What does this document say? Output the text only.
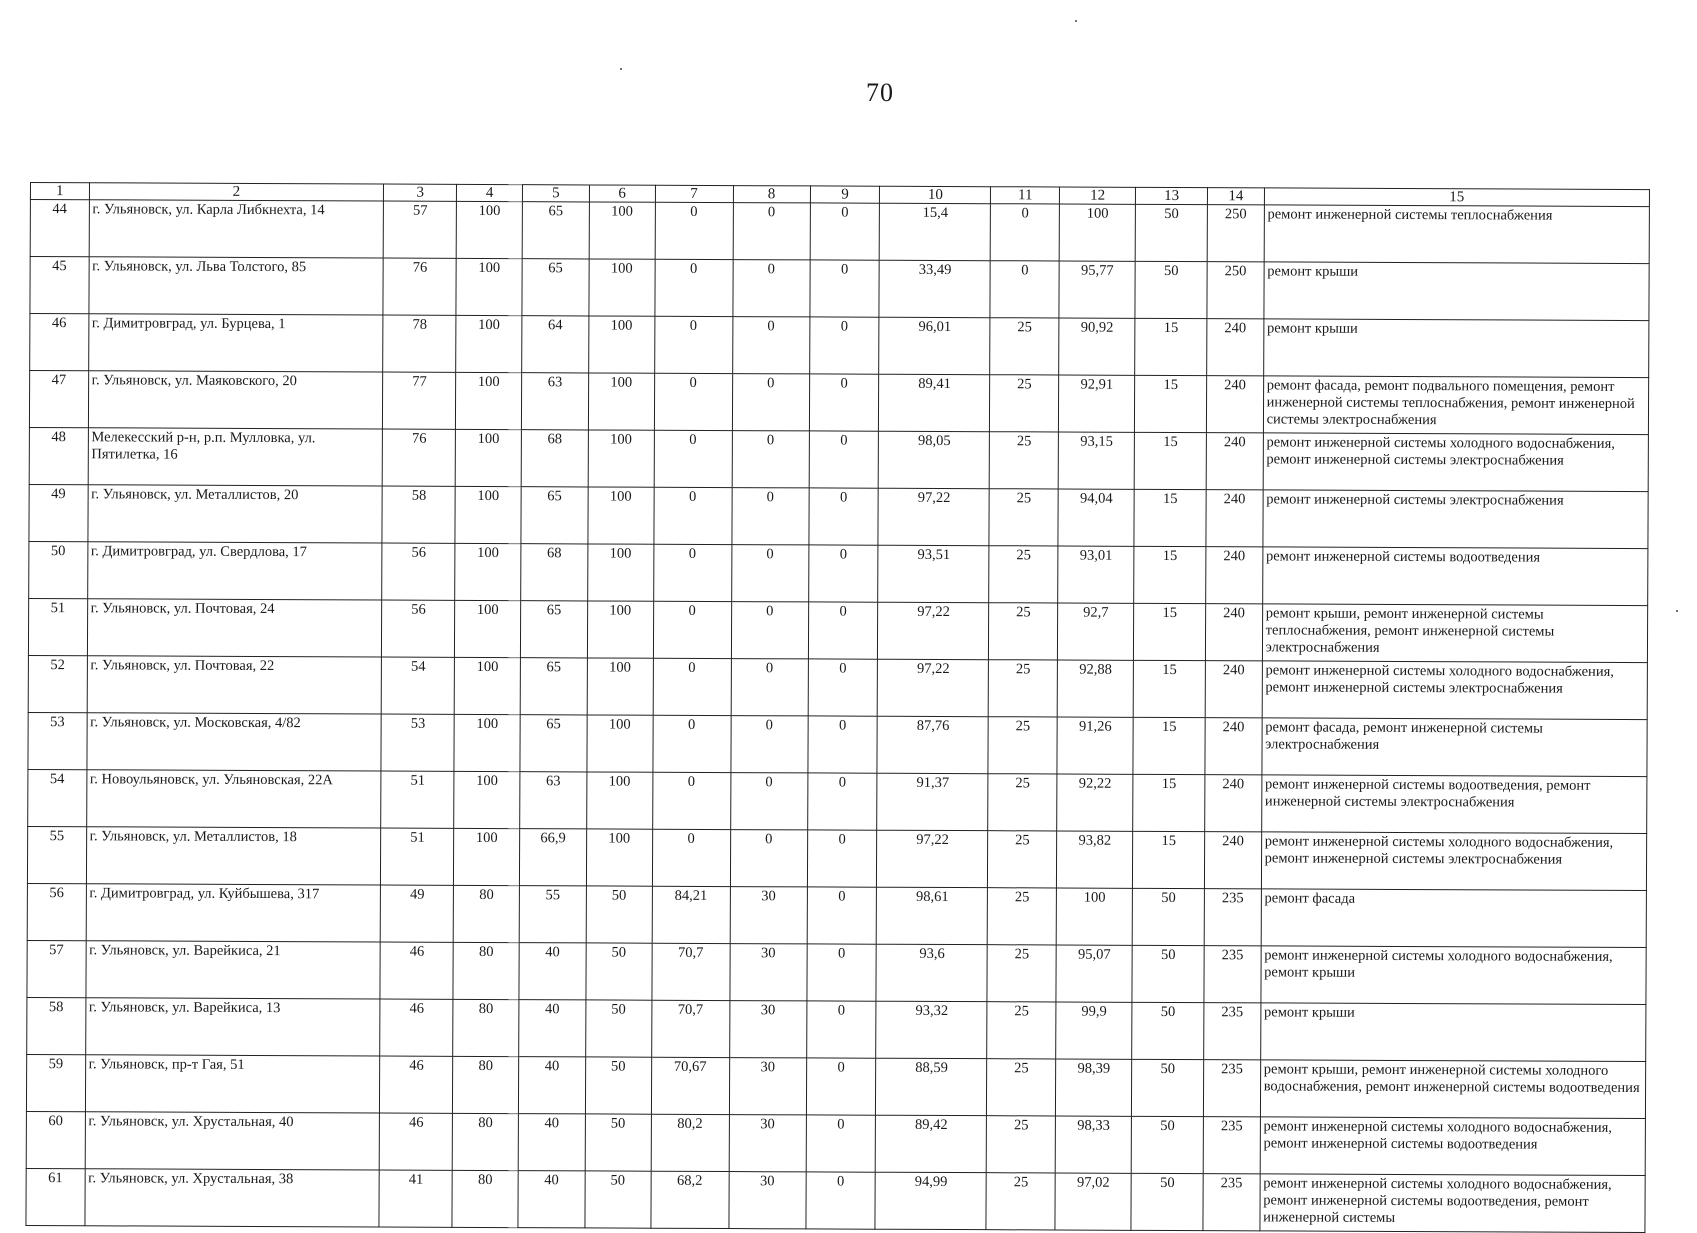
70
1	2	3	4	5	6	7	8	9	10	11	12	13	14	15
44	г. Ульяновск, ул. Карла Либкнехта, 14	57	100	65	100	0	0	0	15,4	0	100	50	250	ремонт инженерной системы теплоснабжения
45	г. Ульяновск, ул. Льва Толстого, 85	76	100	65	100	0	0	0	33,49	0	95,77	50	250	ремонт крыши
46	г. Димитровград, ул. Бурцева, 1	78	100	64	100	0	0	0	96,01	25	90,92	15	240	ремонт крыши
47	г. Ульяновск, ул. Маяковского, 20	77	100	63	100	0	0	0	89,41	25	92,91	15	240	ремонт фасада, ремонт подвального помещения, ремонт инженерной системы теплоснабжения, ремонт инженерной системы электроснабжения
48	Мелекесский р-н, р.п. Мулловка, ул. Пятилетка, 16	76	100	68	100	0	0	0	98,05	25	93,15	15	240	ремонт инженерной системы холодного водоснабжения, ремонт инженерной системы электроснабжения
49	г. Ульяновск, ул. Металлистов, 20	58	100	65	100	0	0	0	97,22	25	94,04	15	240	ремонт инженерной системы электроснабжения
50	г. Димитровград, ул. Свердлова, 17	56	100	68	100	0	0	0	93,51	25	93,01	15	240	ремонт инженерной системы водоотведения
51	г. Ульяновск, ул. Почтовая, 24	56	100	65	100	0	0	0	97,22	25	92,7	15	240	ремонт крыши, ремонт инженерной системы теплоснабжения, ремонт инженерной системы электроснабжения
52	г. Ульяновск, ул. Почтовая, 22	54	100	65	100	0	0	0	97,22	25	92,88	15	240	ремонт инженерной системы холодного водоснабжения, ремонт инженерной системы электроснабжения
53	г. Ульяновск, ул. Московская, 4/82	53	100	65	100	0	0	0	87,76	25	91,26	15	240	ремонт фасада, ремонт инженерной системы электроснабжения
54	г. Новоульяновск, ул. Ульяновская, 22А	51	100	63	100	0	0	0	91,37	25	92,22	15	240	ремонт инженерной системы водоотведения, ремонт инженерной системы электроснабжения
55	г. Ульяновск, ул. Металлистов, 18	51	100	66,9	100	0	0	0	97,22	25	93,82	15	240	ремонт инженерной системы холодного водоснабжения, ремонт инженерной системы электроснабжения
56	г. Димитровград, ул. Куйбышева, 317	49	80	55	50	84,21	30	0	98,61	25	100	50	235	ремонт фасада
57	г. Ульяновск, ул. Варейкиса, 21	46	80	40	50	70,7	30	0	93,6	25	95,07	50	235	ремонт инженерной системы холодного водоснабжения, ремонт крыши
58	г. Ульяновск, ул. Варейкиса, 13	46	80	40	50	70,7	30	0	93,32	25	99,9	50	235	ремонт крыши
59	г. Ульяновск, пр-т Гая, 51	46	80	40	50	70,67	30	0	88,59	25	98,39	50	235	ремонт крыши, ремонт инженерной системы холодного водоснабжения, ремонт инженерной системы водоотведения
60	г. Ульяновск, ул. Хрустальная, 40	46	80	40	50	80,2	30	0	89,42	25	98,33	50	235	ремонт инженерной системы холодного водоснабжения, ремонт инженерной системы водоотведения
61	г. Ульяновск, ул. Хрустальная, 38	41	80	40	50	68,2	30	0	94,99	25	97,02	50	235	ремонт инженерной системы холодного водоснабжения, ремонт инженерной системы водоотведения, ремонт инженерной системы
